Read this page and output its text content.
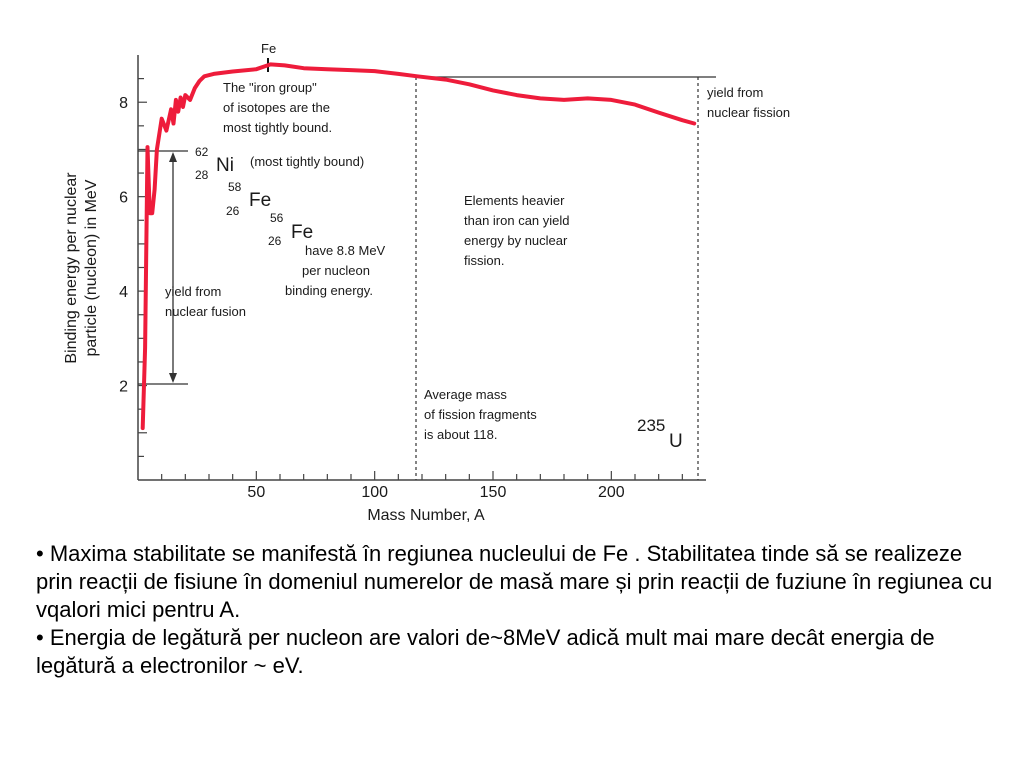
50	100	150	200
2
4
6
8
Mass Number, A
Binding energy per nuclear particle (nucleon) in MeV
Fe
The "iron group"
of isotopes are the
most tightly bound.
62
28 Ni (most tightly bound)
58
26 Fe
56
26 Fe
have 8.8 MeV
per nucleon
binding energy.
Elements heavier
than iron can yield
energy by nuclear
fission.
yield from
nuclear fusion
yield from
nuclear fission
Average mass
of fission fragments
is about 118.	235
U

• Maxima stabilitate se manifestă în regiunea nucleului de Fe . Stabilitatea tinde să se realizeze prin reacții de fisiune în domeniul numerelor de masă mare și prin reacții de fuziune în regiunea cu vqalori mici pentru A.

• Energia de legătură per nucleon are valori de~8MeV adică mult mai mare decât energia de legătură a electronilor ~ eV.
